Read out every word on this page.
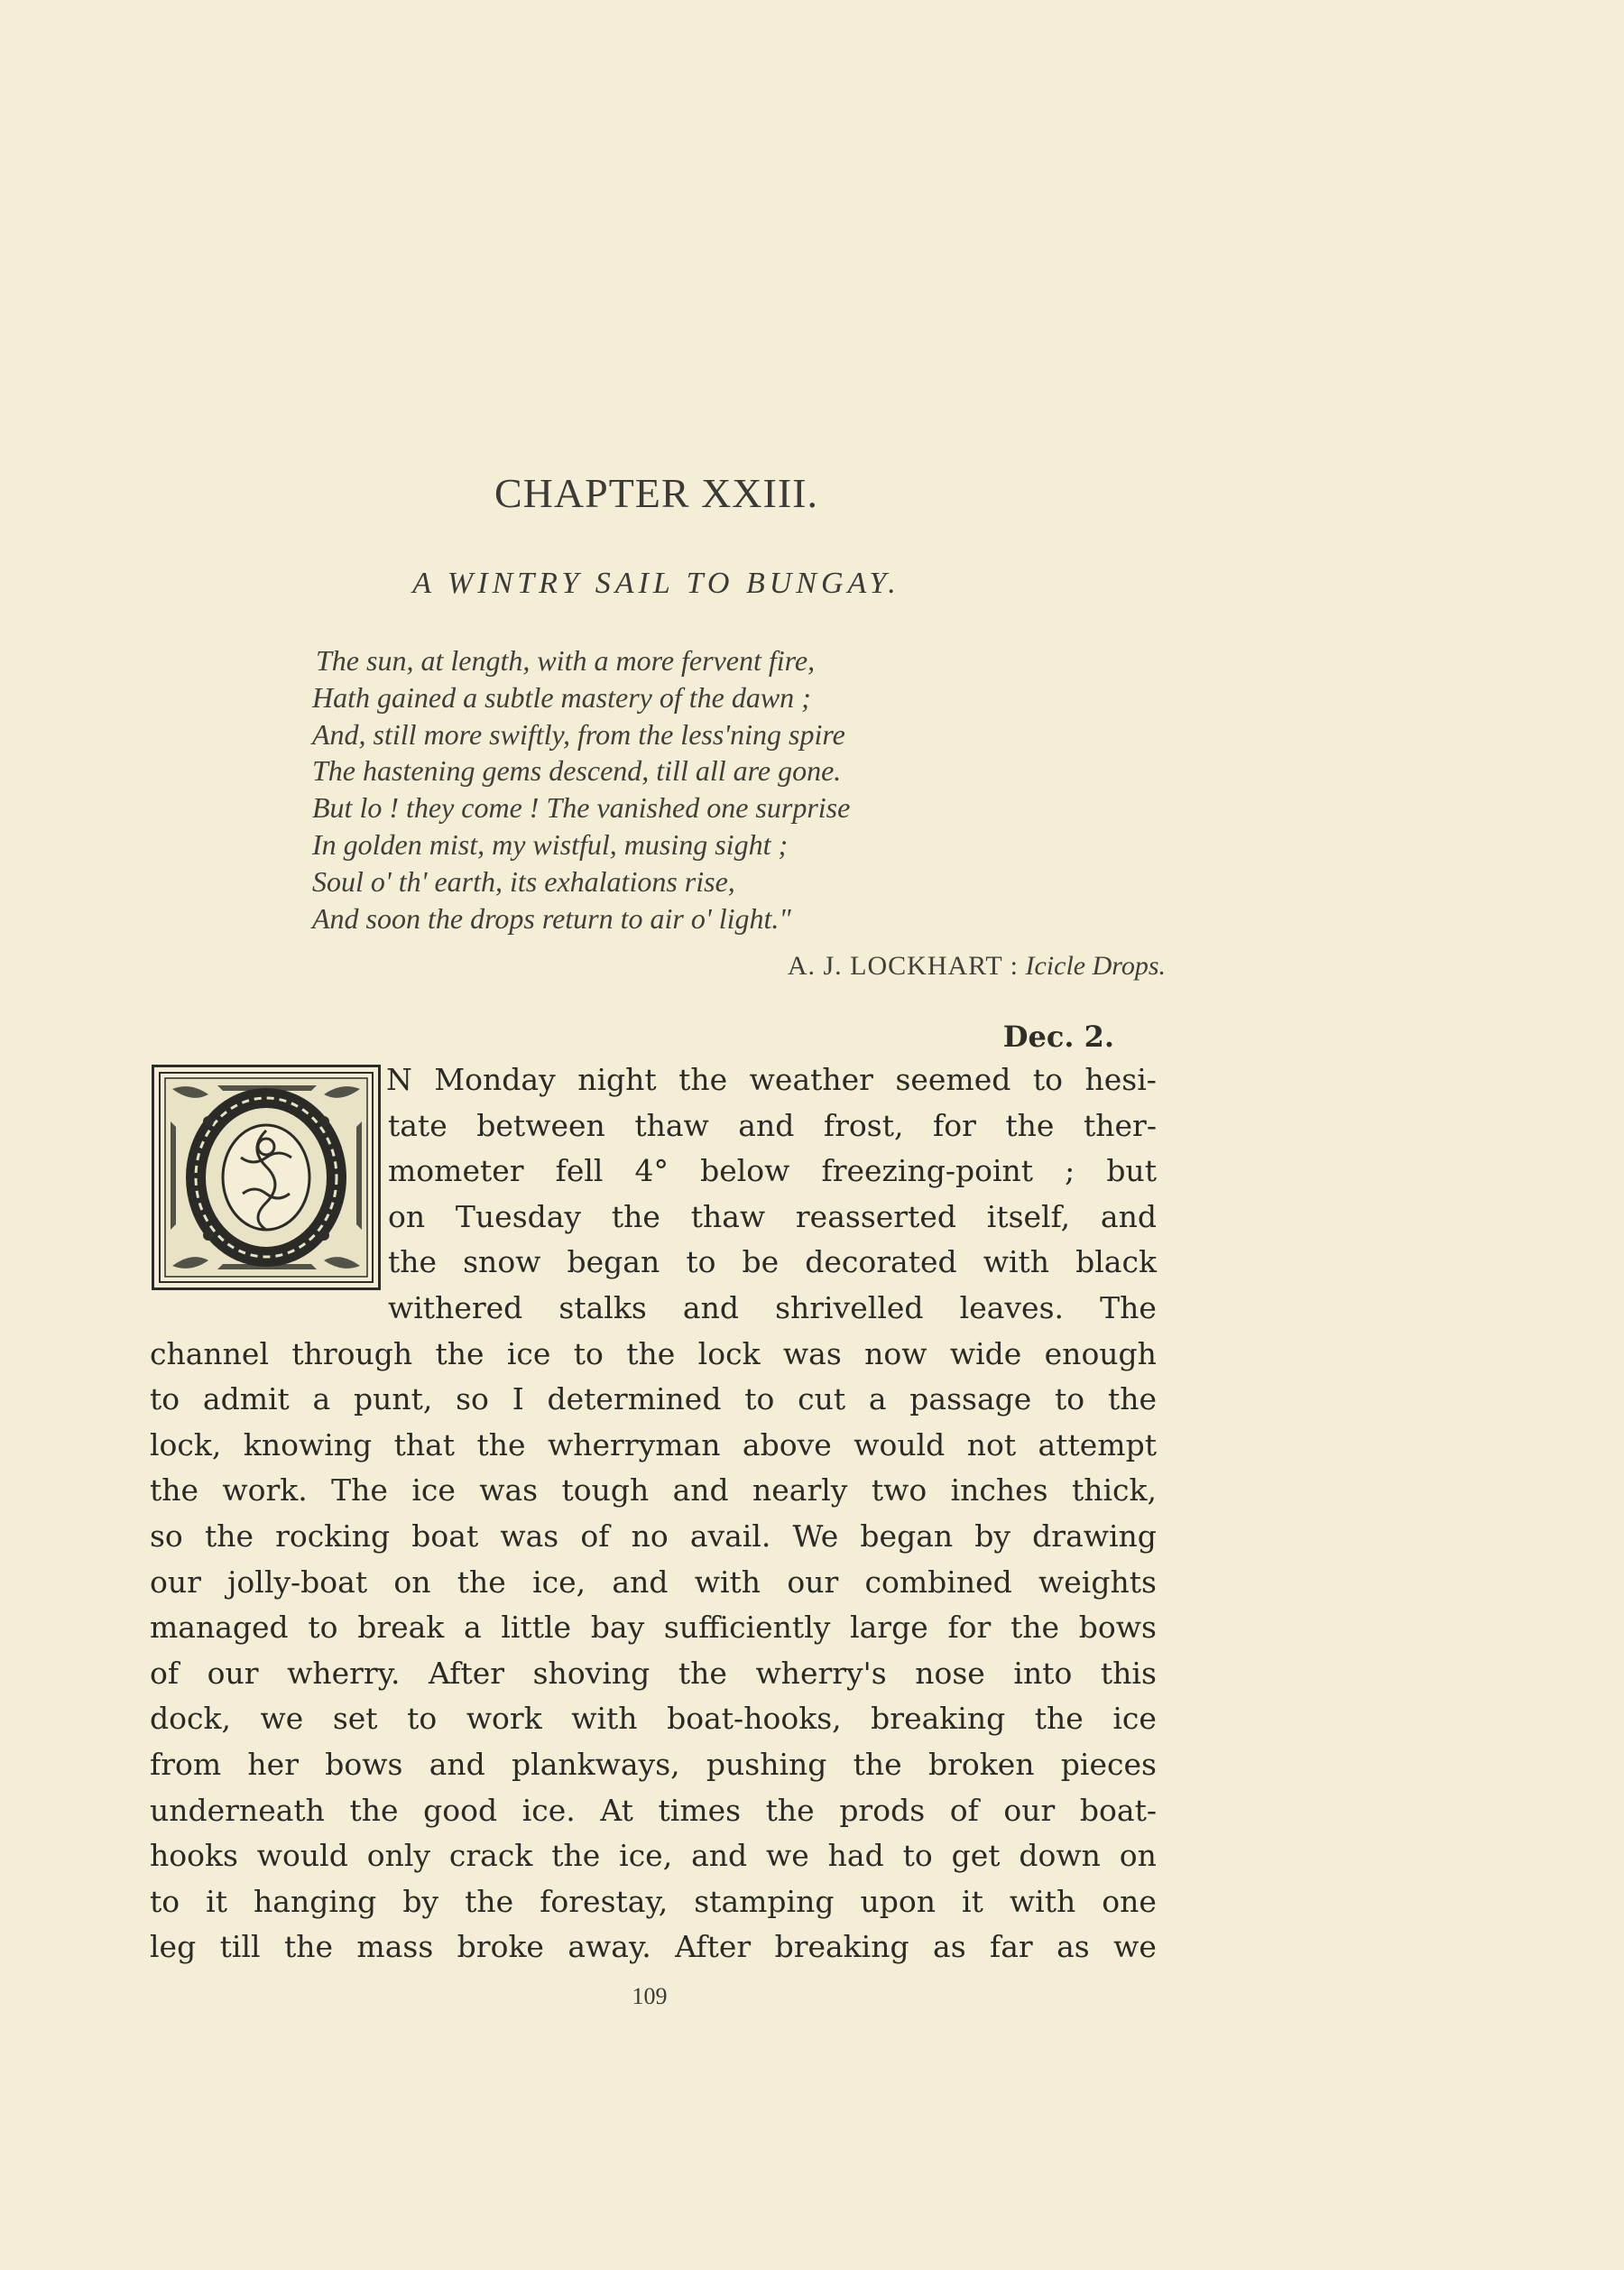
CHAPTER XXIII.
A WINTRY SAIL TO BUNGAY.
The sun, at length, with a more fervent fire,
Hath gained a subtle mastery of the dawn ;
And, still more swiftly, from the less'ning spire
The hastening gems descend, till all are gone.
But lo ! they come ! The vanished one surprise
In golden mist, my wistful, musing sight ;
Soul o' th' earth, its exhalations rise,
And soon the drops return to air o' light."
A. J. LOCKHART : Icicle Drops.
Dec. 2.
N Monday night the weather seemed to hesi-
tate between thaw and frost, for the ther-
mometer fell 4° below freezing-point ; but
on Tuesday the thaw reasserted itself, and
the snow began to be decorated with black
withered stalks and shrivelled leaves. The
channel through the ice to the lock was now wide enough
to admit a punt, so I determined to cut a passage to the
lock, knowing that the wherryman above would not attempt
the work. The ice was tough and nearly two inches thick,
so the rocking boat was of no avail. We began by drawing
our jolly-boat on the ice, and with our combined weights
managed to break a little bay sufficiently large for the bows
of our wherry. After shoving the wherry's nose into this
dock, we set to work with boat-hooks, breaking the ice
from her bows and plankways, pushing the broken pieces
underneath the good ice. At times the prods of our boat-
hooks would only crack the ice, and we had to get down on
to it hanging by the forestay, stamping upon it with one
leg till the mass broke away. After breaking as far as we
109
